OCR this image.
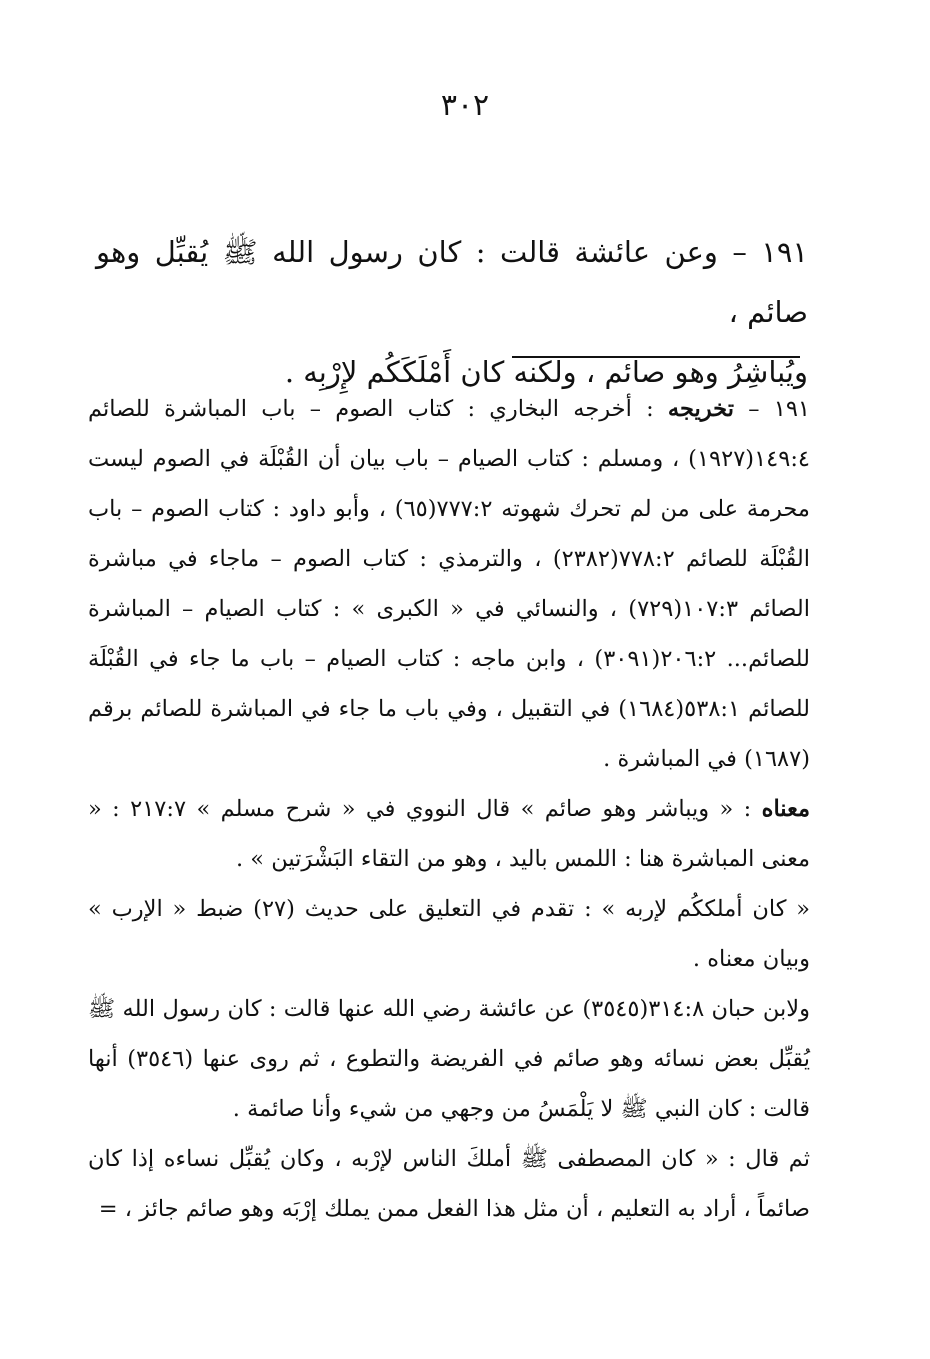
٣٠٢
١٩١ – وعن عائشة قالت : كان رسول الله ﷺ يُقبِّل وهو صائم ،
ويُباشِرُ وهو صائم ، ولكنه كان أَمْلَكَكُم لإِرْبِه .

١٩١ – تخريجه : أخرجه البخاري : كتاب الصوم – باب المباشرة للصائم ١٤٩:٤(١٩٢٧) ، ومسلم : كتاب الصيام – باب بيان أن القُبْلَة في الصوم ليست محرمة على من لم تحرك شهوته ٧٧٧:٢(٦٥) ، وأبو داود : كتاب الصوم – باب القُبْلَة للصائم ٧٧٨:٢(٢٣٨٢) ، والترمذي : كتاب الصوم – ماجاء في مباشرة الصائم ١٠٧:٣(٧٢٩) ، والنسائي في « الكبرى » : كتاب الصيام – المباشرة للصائم... ٢٠٦:٢(٣٠٩١) ، وابن ماجه : كتاب الصيام – باب ما جاء في القُبْلَة للصائم ٥٣٨:١(١٦٨٤) في التقبيل ، وفي باب ما جاء في المباشرة للصائم برقم (١٦٨٧) في المباشرة .

معناه : « ويباشر وهو صائم » قال النووي في « شرح مسلم » ٢١٧:٧ : « معنى المباشرة هنا : اللمس باليد ، وهو من التقاء البَشْرَتين » .

« كان أملككُم لإربه » : تقدم في التعليق على حديث (٢٧) ضبط « الإرب » وبيان معناه .

ولابن حبان ٣١٤:٨(٣٥٤٥) عن عائشة رضي الله عنها قالت : كان رسول الله ﷺ يُقبِّل بعض نسائه وهو صائم في الفريضة والتطوع ، ثم روى عنها (٣٥٤٦) أنها قالت : كان النبي ﷺ لا يَلْمَسُ من وجهي من شيء وأنا صائمة .

ثم قال : « كان المصطفى ﷺ أملكَ الناس لإرْبه ، وكان يُقبِّل نساءه إذا كان صائماً ، أراد به التعليم ، أن مثل هذا الفعل ممن يملك إرْبَه وهو صائم جائز ، =
